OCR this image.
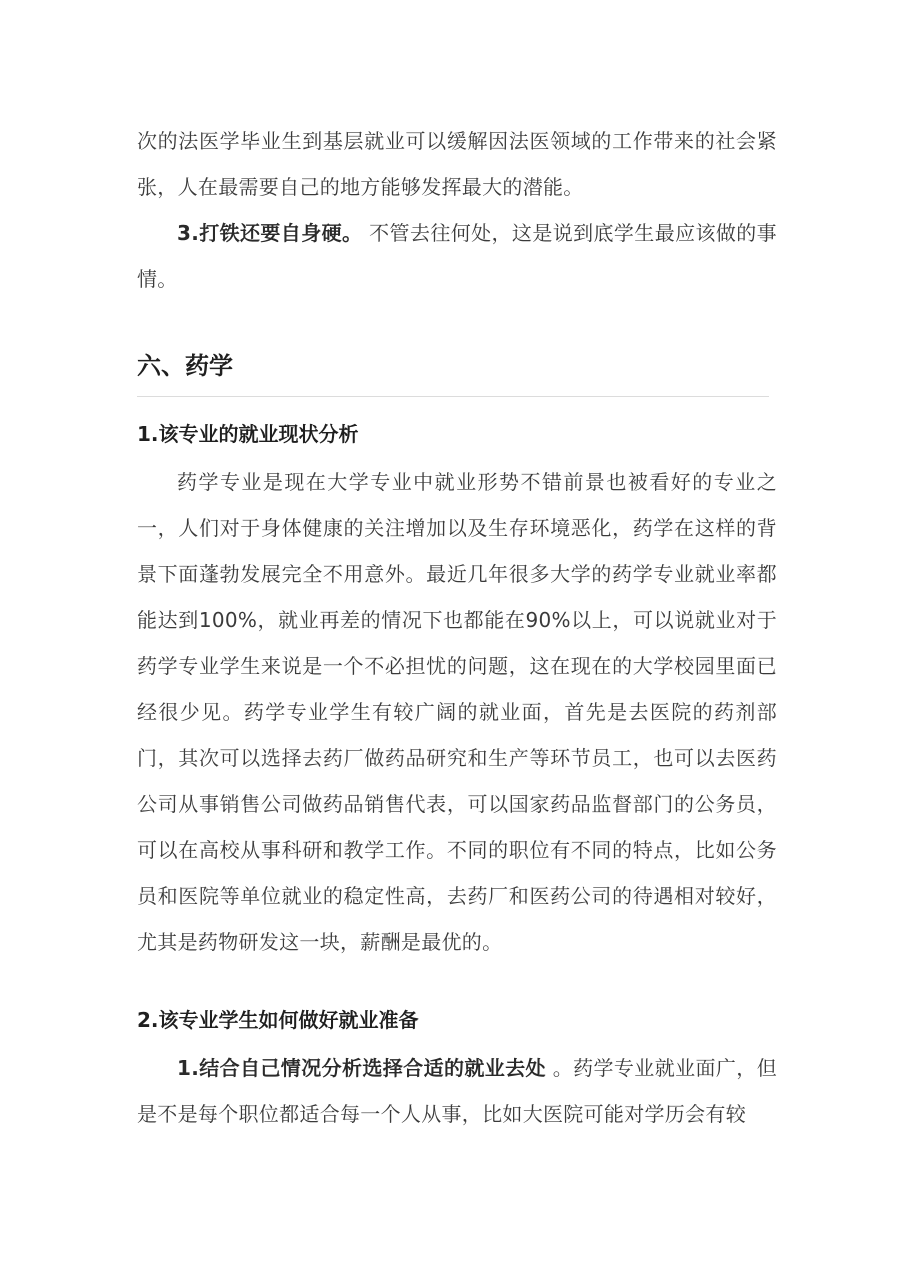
次的法医学毕业生到基层就业可以缓解因法医领域的工作带来的社会紧张，人在最需要自己的地方能够发挥最大的潜能。

3.打铁还要自身硬。 不管去往何处，这是说到底学生最应该做的事情。

六、药学
1.该专业的就业现状分析

药学专业是现在大学专业中就业形势不错前景也被看好的专业之一，人们对于身体健康的关注增加以及生存环境恶化，药学在这样的背景下面蓬勃发展完全不用意外。最近几年很多大学的药学专业就业率都能达到100%，就业再差的情况下也都能在90%以上，可以说就业对于药学专业学生来说是一个不必担忧的问题，这在现在的大学校园里面已经很少见。药学专业学生有较广阔的就业面，首先是去医院的药剂部门，其次可以选择去药厂做药品研究和生产等环节员工，也可以去医药公司从事销售公司做药品销售代表，可以国家药品监督部门的公务员，可以在高校从事科研和教学工作。不同的职位有不同的特点，比如公务员和医院等单位就业的稳定性高，去药厂和医药公司的待遇相对较好，尤其是药物研发这一块，薪酬是最优的。

2.该专业学生如何做好就业准备

1.结合自己情况分析选择合适的就业去处 。药学专业就业面广，但是不是每个职位都适合每一个人从事，比如大医院可能对学历会有较
